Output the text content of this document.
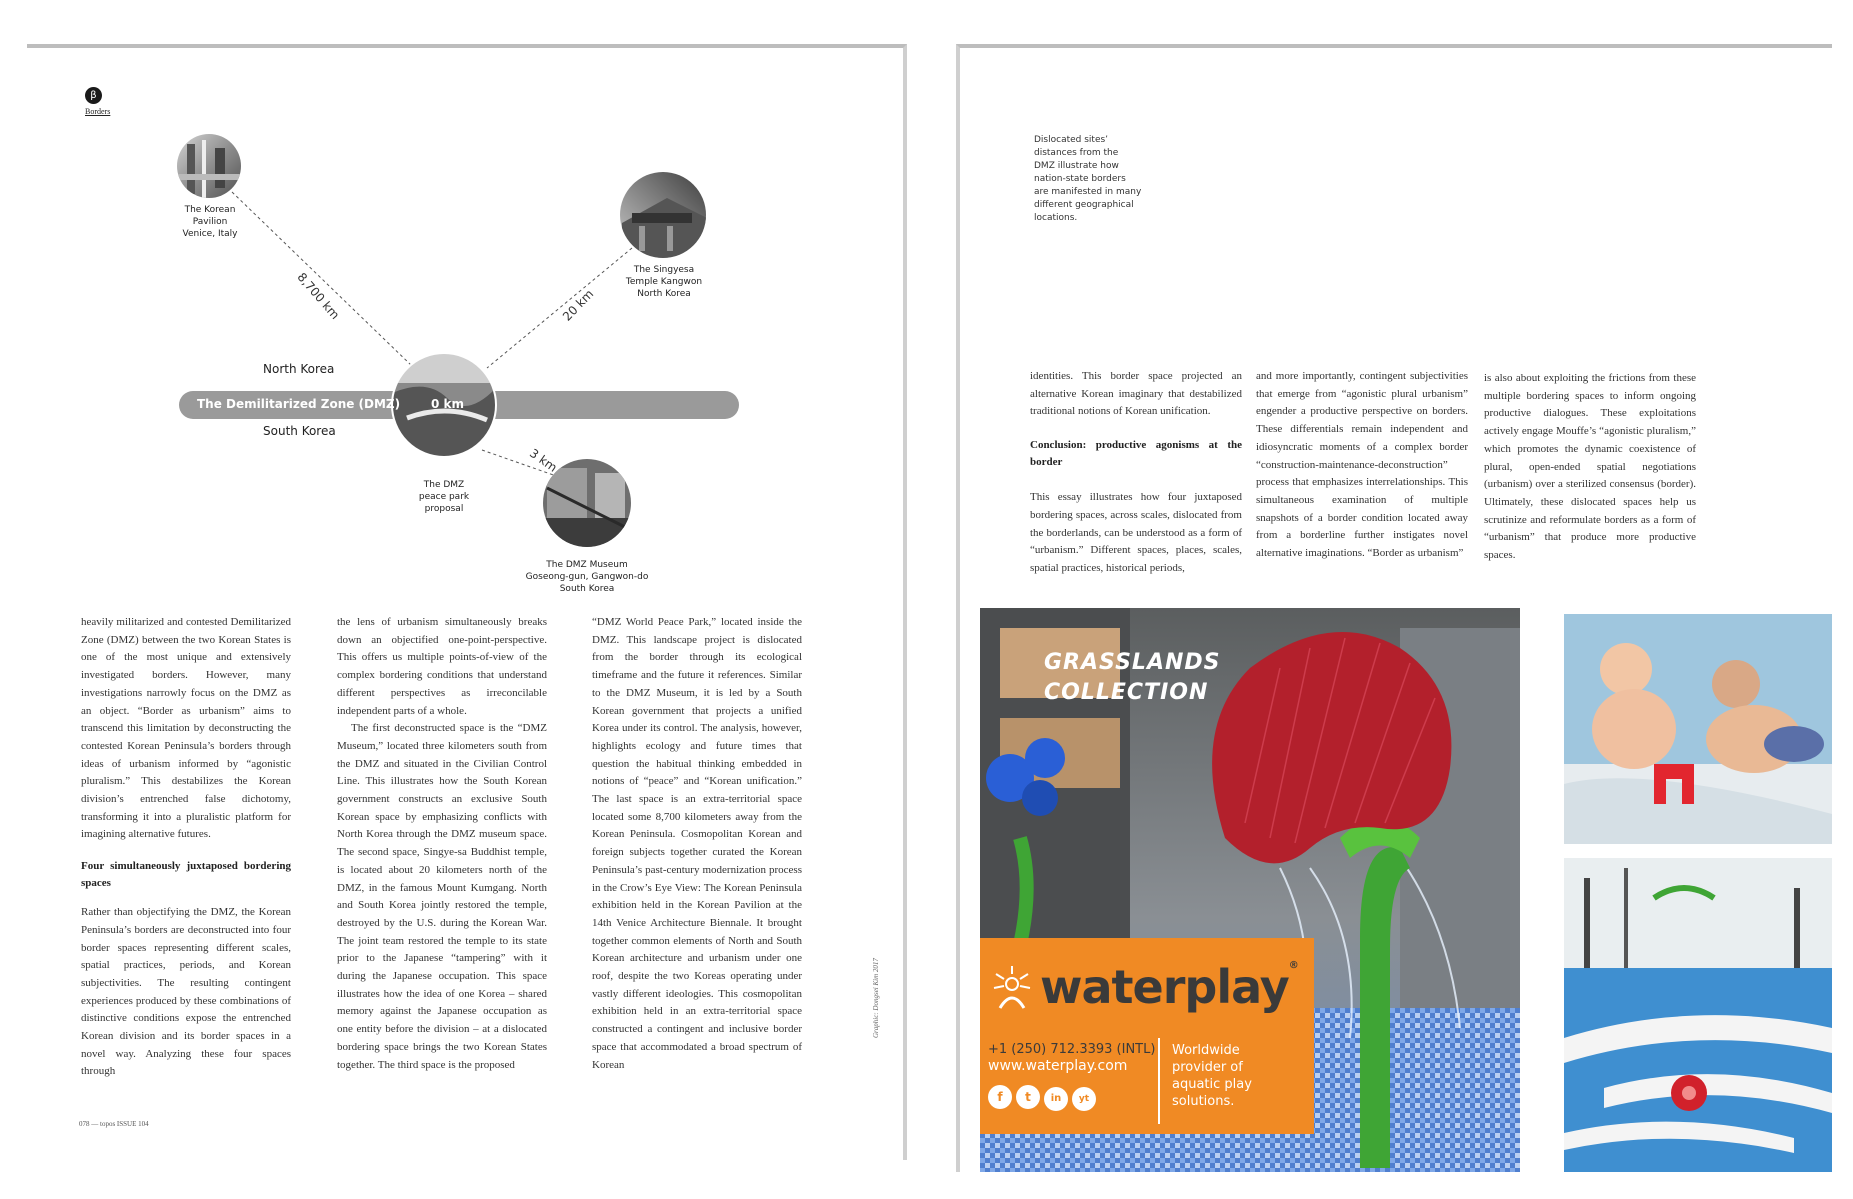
β
Borders
The Korean
Pavilion
Venice, Italy
8,700 km	The Singyesa
Temple Kangwon
North Korea
20 km
North Korea
The Demilitarized Zone (DMZ)	0 km
South Korea
The DMZ
peace park
proposal
3 km
The DMZ Museum
Goseong-gun, Gangwon-do
South Korea

heavily militarized and contested Demilitarized Zone (DMZ) between the two Korean States is one of the most unique and extensively investigated borders. However, many investigations narrowly focus on the DMZ as an object. “Border as urbanism” aims to transcend this limitation by deconstructing the contested Korean Peninsula’s borders through ideas of urbanism informed by “agonistic pluralism.” This destabilizes the Korean division’s entrenched false dichotomy, transforming it into a pluralistic platform for imagining alternative futures.

Four simultaneously juxtaposed bordering spaces

Rather than objectifying the DMZ, the Korean Peninsula’s borders are deconstructed into four border spaces representing different scales, spatial practices, periods, and Korean subjectivities. The resulting contingent experiences produced by these combinations of distinctive conditions expose the entrenched Korean division and its border spaces in a novel way. Analyzing these four spaces through

the lens of urbanism simultaneously breaks down an objectified one-point-perspective. This offers us multiple points-of-view of the complex bordering conditions that understand different perspectives as irreconcilable independent parts of a whole.

The first deconstructed space is the “DMZ Museum,” located three kilometers south from the DMZ and situated in the Civilian Control Line. This illustrates how the South Korean government constructs an exclusive South Korean space by emphasizing conflicts with North Korea through the DMZ museum space. The second space, Singye-sa Buddhist temple, is located about 20 kilometers north of the DMZ, in the famous Mount Kumgang. North and South Korea jointly restored the temple, destroyed by the U.S. during the Korean War. The joint team restored the temple to its state prior to the Japanese “tampering” with it during the Japanese occupation. This space illustrates how the idea of one Korea – shared memory against the Japanese occupation as one entity before the division – at a dislocated bordering space brings the two Korean States together. The third space is the proposed

“DMZ World Peace Park,” located inside the DMZ. This landscape project is dislocated from the border through its ecological timeframe and the future it references. Similar to the DMZ Museum, it is led by a South Korean government that projects a unified Korea under its control. The analysis, however, highlights ecology and future times that question the habitual thinking embedded in notions of “peace” and “Korean unification.” The last space is an extra-territorial space located some 8,700 kilometers away from the Korean Peninsula. Cosmopolitan Korean and foreign subjects together curated the Korean Peninsula’s past-century modernization process in the Crow’s Eye View: The Korean Peninsula exhibition held in the Korean Pavilion at the 14th Venice Architecture Biennale. It brought together common elements of North and South Korean architecture and urbanism under one roof, despite the two Koreas operating under vastly different ideologies. This cosmopolitan exhibition held in an extra-territorial space constructed a contingent and inclusive border space that accommodated a broad spectrum of Korean

Graphic: Dongsei Kim 2017
078 — topos ISSUE 104
Dislocated sites’
distances from the
DMZ illustrate how
nation-state borders
are manifested in many
different geographical
locations.

identities. This border space projected an alternative Korean imaginary that destabilized traditional notions of Korean unification.

Conclusion: productive agonisms at the border

This essay illustrates how four juxtaposed bordering spaces, across scales, dislocated from the borderlands, can be understood as a form of “urbanism.” Different spaces, places, scales, spatial practices, historical periods,

and more importantly, contingent subjectivities that emerge from “agonistic plural urbanism” engender a productive perspective on borders. These differentials remain independent and idiosyncratic moments of a complex border “construction-maintenance-deconstruction” process that emphasizes interrelationships. This simultaneous examination of multiple snapshots of a border condition located away from a borderline further instigates novel alternative imaginations. “Border as urbanism”

is also about exploiting the frictions from these multiple bordering spaces to inform ongoing productive dialogues. These exploitations actively engage Mouffe’s “agonistic pluralism,” which promotes the dynamic coexistence of plural, open-ended spatial negotiations (urbanism) over a sterilized consensus (border). Ultimately, these dislocated spaces help us scrutinize and reformulate borders as a form of “urbanism” that produce more productive spaces.

GRASSLANDS
COLLECTION
waterplay®
+1 (250) 712.3393 (INTL)
www.waterplay.com
f t in yt
Worldwide
provider of
aquatic play
solutions.
